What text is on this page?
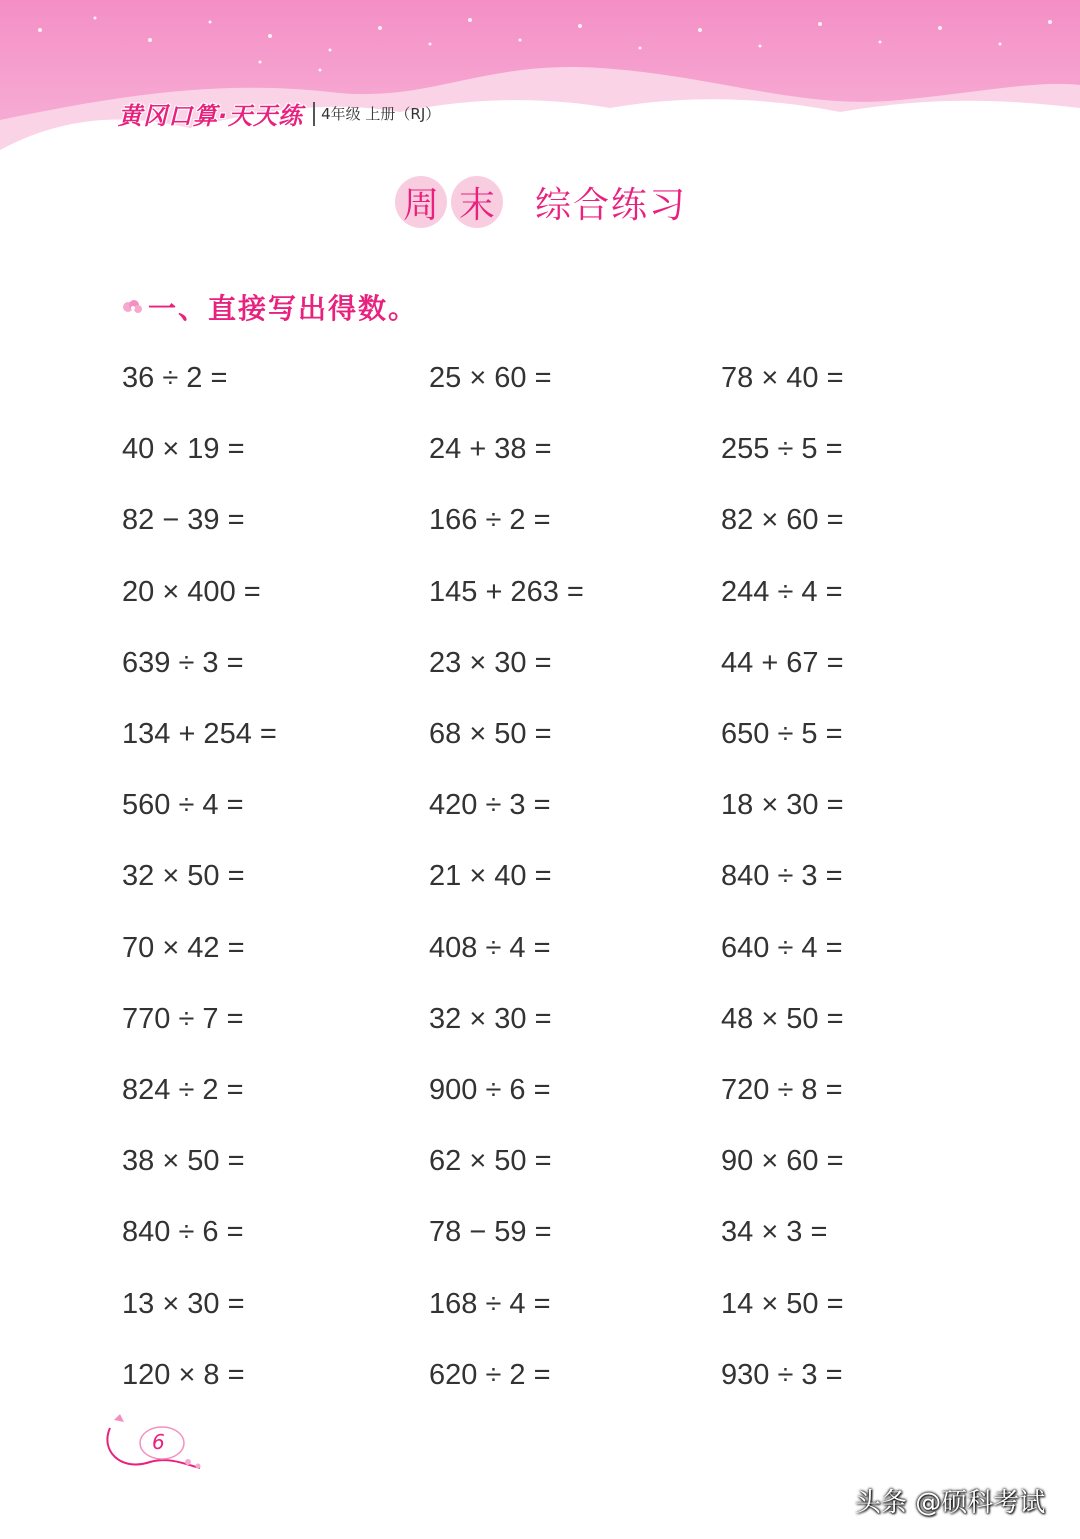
黄冈口算·天天练 4年级 上册（RJ）
周 末 综合练习
一、直接写出得数。
36 ÷ 2 =	25 × 60 =	78 × 40 =
40 × 19 =	24 + 38 =	255 ÷ 5 =
82 − 39 =	166 ÷ 2 =	82 × 60 =
20 × 400 =	145 + 263 =	244 ÷ 4 =
639 ÷ 3 =	23 × 30 =	44 + 67 =
134 + 254 =	68 × 50 =	650 ÷ 5 =
560 ÷ 4 =	420 ÷ 3 =	18 × 30 =
32 × 50 =	21 × 40 =	840 ÷ 3 =
70 × 42 =	408 ÷ 4 =	640 ÷ 4 =
770 ÷ 7 =	32 × 30 =	48 × 50 =
824 ÷ 2 =	900 ÷ 6 =	720 ÷ 8 =
38 × 50 =	62 × 50 =	90 × 60 =
840 ÷ 6 =	78 − 59 =	34 × 3 =
13 × 30 =	168 ÷ 4 =	14 × 50 =
120 × 8 =	620 ÷ 2 =	930 ÷ 3 =
6
头条 @硕科考试
